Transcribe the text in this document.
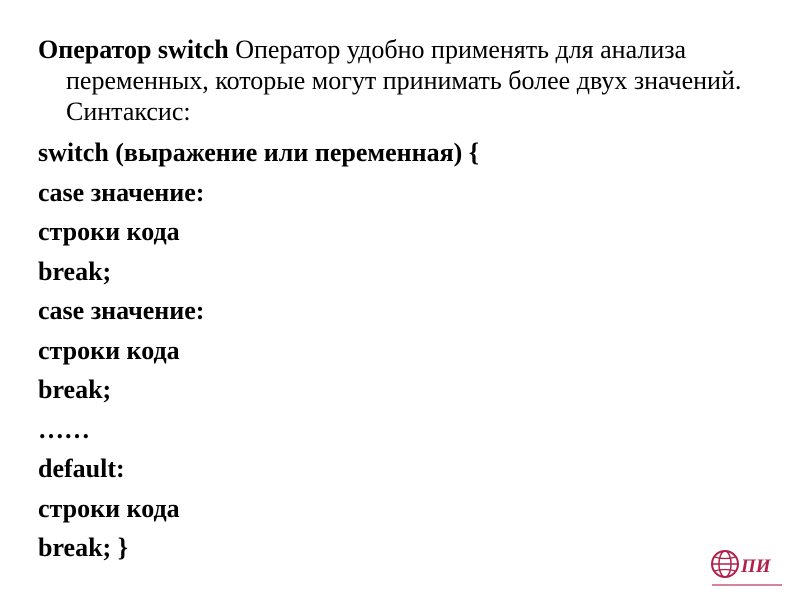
Оператор switch Оператор удобно применять для анализа переменных, которые могут принимать более двух значений. Синтаксис:

switch (выражение или переменная) {

case значение:

строки кода

break;

case значение:

строки кода

break;

……

default:

строки кода

break; }

ПИ
